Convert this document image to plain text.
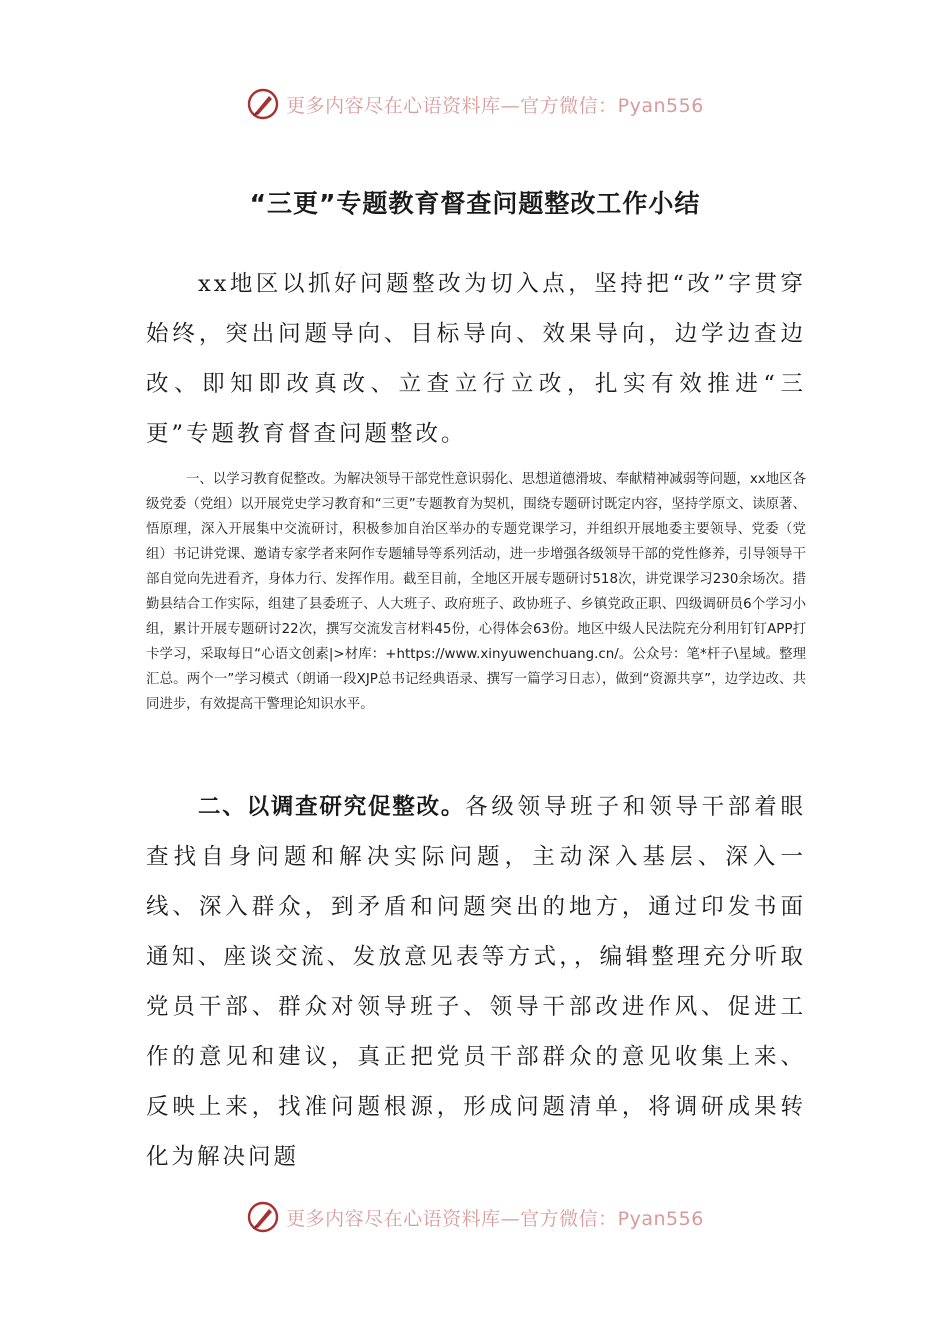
更多内容尽在心语资料库—官方微信：Pyan556
“三更”专题教育督查问题整改工作小结

xx地区以抓好问题整改为切入点，坚持把“改”字贯穿始终，突出问题导向、目标导向、效果导向，边学边查边改、即知即改真改、立查立行立改，扎实有效推进“三更”专题教育督查问题整改。

一、以学习教育促整改。为解决领导干部党性意识弱化、思想道德滑坡、奉献精神减弱等问题，xx地区各级党委（党组）以开展党史学习教育和“三更”专题教育为契机，围绕专题研讨既定内容，坚持学原文、读原著、悟原理，深入开展集中交流研讨，积极参加自治区举办的专题党课学习，并组织开展地委主要领导、党委（党组）书记讲党课、邀请专家学者来阿作专题辅导等系列活动，进一步增强各级领导干部的党性修养，引导领导干部自觉向先进看齐，身体力行、发挥作用。截至目前，全地区开展专题研讨518次，讲党课学习230余场次。措勤县结合工作实际，组建了县委班子、人大班子、政府班子、政协班子、乡镇党政正职、四级调研员6个学习小组，累计开展专题研讨22次，撰写交流发言材料45份，心得体会63份。地区中级人民法院充分利用钉钉APP打卡学习，采取每日“心语文创素|>材库：+https://www.xinyuwenchuang.cn/。公众号：笔*杆子\星域。整理汇总。两个一”学习模式（朗诵一段XJP总书记经典语录、撰写一篇学习日志），做到“资源共享”，边学边改、共同进步，有效提高干警理论知识水平。

二、以调查研究促整改。各级领导班子和领导干部着眼查找自身问题和解决实际问题，主动深入基层、深入一线、深入群众，到矛盾和问题突出的地方，通过印发书面通知、座谈交流、发放意见表等方式，，编辑整理充分听取党员干部、群众对领导班子、领导干部改进作风、促进工作的意见和建议，真正把党员干部群众的意见收集上来、反映上来，找准问题根源，形成问题清单，将调研成果转化为解决问题

更多内容尽在心语资料库—官方微信：Pyan556
